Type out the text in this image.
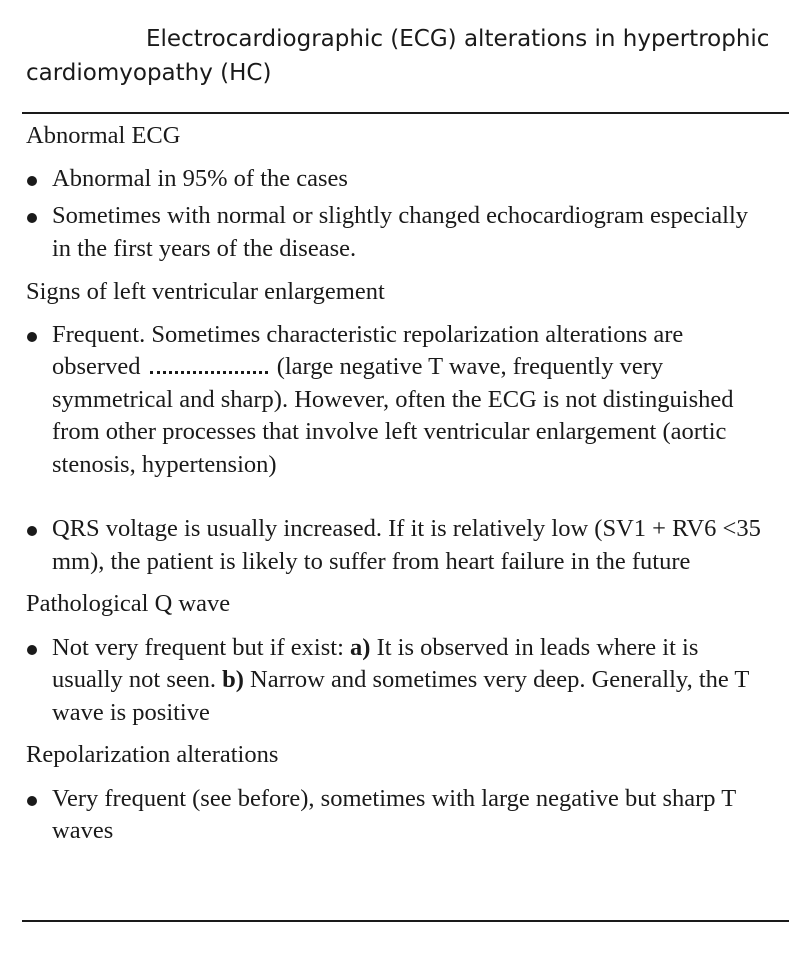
Electrocardiographic (ECG) alterations in hypertrophic cardiomyopathy (HC)

Abnormal ECG

Abnormal in 95% of the cases
Sometimes with normal or slightly changed echocardiogram especially in the first years of the disease.

Signs of left ventricular enlargement

Frequent. Sometimes characteristic repolarization alterations are observed	(large negative T wave, frequently very symmetrical and sharp). However, often the ECG is not distinguished from other processes that involve left ventricular enlargement (aortic stenosis, hypertension)
QRS voltage is usually increased. If it is relatively low (SV1 + RV6 <35 mm), the patient is likely to suffer from heart failure in the future

Pathological Q wave

Not very frequent but if exist: a) It is observed in leads where it is usually not seen. b) Narrow and sometimes very deep. Generally, the T wave is positive

Repolarization alterations

Very frequent (see before), sometimes with large negative but sharp T waves
